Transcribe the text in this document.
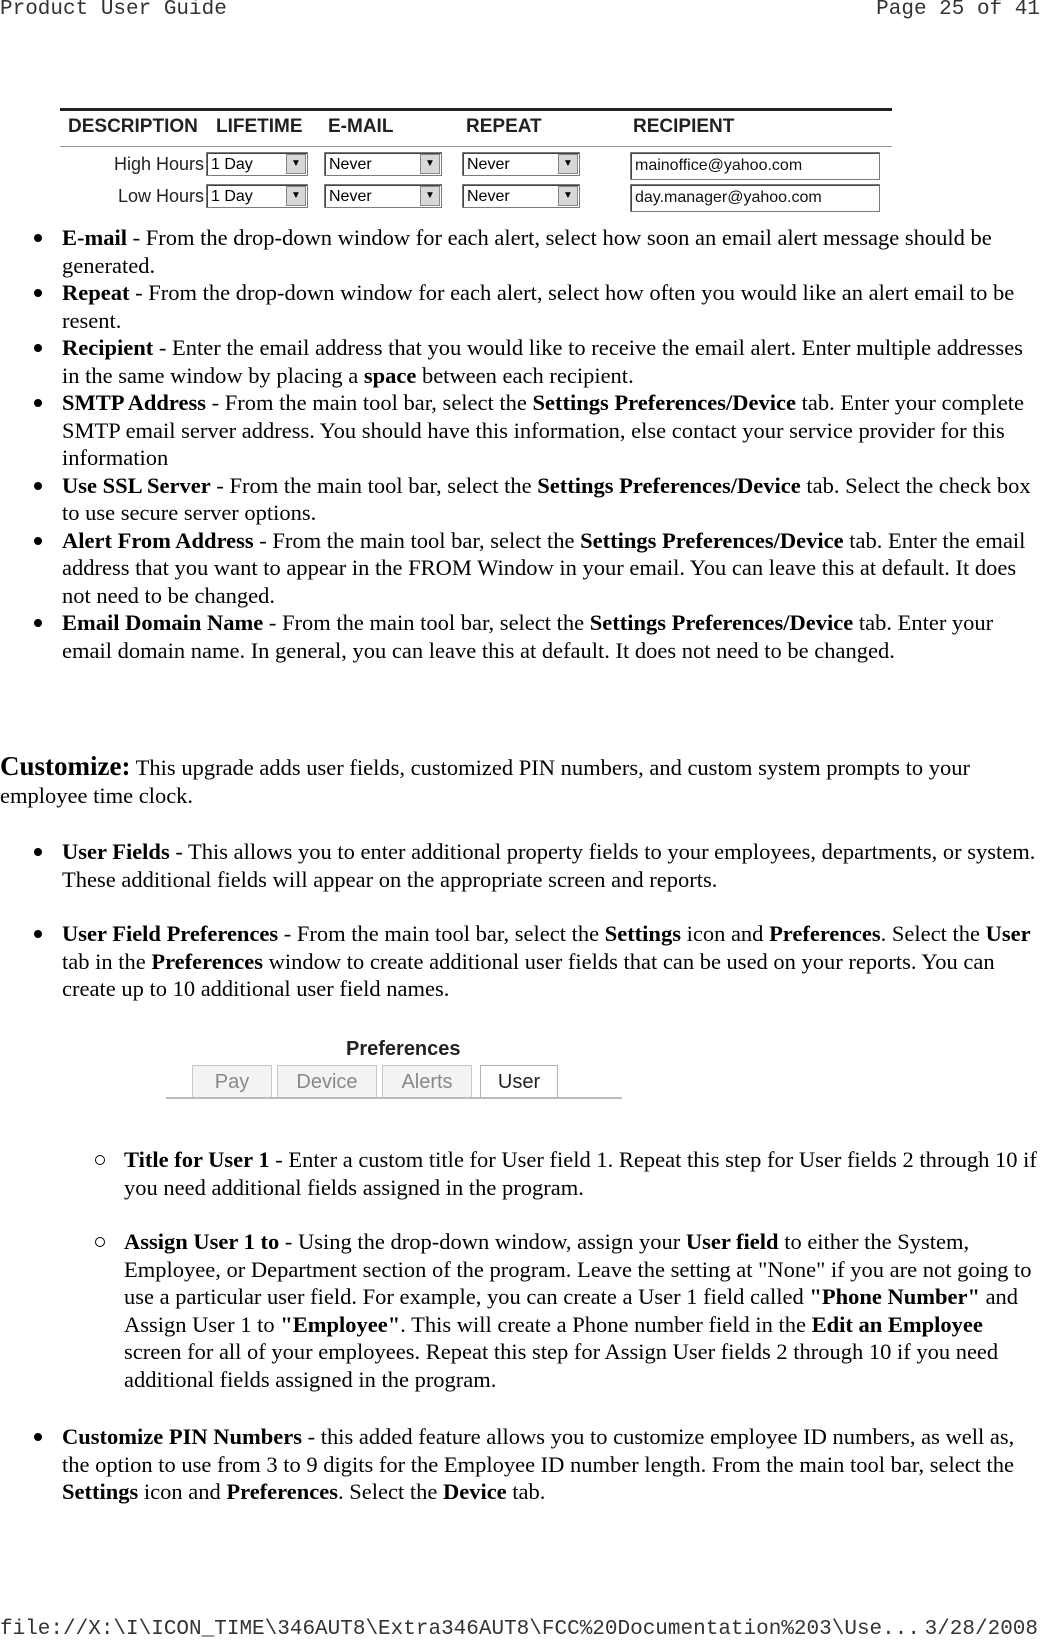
Product User Guide	Page 25 of 41
file://X:\I\ICON_TIME\346AUT8\Extra346AUT8\FCC%20Documentation%203\Use... 3/28/2008
DESCRIPTION LIFETIME E-MAIL	REPEAT	RECIPIENT
High Hours 1 Day	▼	Never	▼	Never	▼	mainoffice@yahoo.com
Low Hours 1 Day	▼	Never	▼	Never	▼	day.manager@yahoo.com
E-mail - From the drop-down window for each alert, select how soon an email alert message should be generated.
Repeat - From the drop-down window for each alert, select how often you would like an alert email to be resent.
Recipient - Enter the email address that you would like to receive the email alert. Enter multiple addresses in the same window by placing a space between each recipient.
SMTP Address - From the main tool bar, select the Settings Preferences/Device tab. Enter your complete SMTP email server address. You should have this information, else contact your service provider for this information
Use SSL Server - From the main tool bar, select the Settings Preferences/Device tab. Select the check box to use secure server options.
Alert From Address - From the main tool bar, select the Settings Preferences/Device tab. Enter the email address that you want to appear in the FROM Window in your email. You can leave this at default. It does not need to be changed.
Email Domain Name - From the main tool bar, select the Settings Preferences/Device tab. Enter your email domain name. In general, you can leave this at default. It does not need to be changed.

Customize: This upgrade adds user fields, customized PIN numbers, and custom system prompts to your employee time clock.

User Fields - This allows you to enter additional property fields to your employees, departments, or system. These additional fields will appear on the appropriate screen and reports.
User Field Preferences - From the main tool bar, select the Settings icon and Preferences. Select the User tab in the Preferences window to create additional user fields that can be used on your reports. You can create up to 10 additional user field names.
Preferences
Pay	Device	Alerts	User
Title for User 1 - Enter a custom title for User field 1. Repeat this step for User fields 2 through 10 if you need additional fields assigned in the program.
Assign User 1 to - Using the drop-down window, assign your User field to either the System, Employee, or Department section of the program. Leave the setting at "None" if you are not going to use a particular user field. For example, you can create a User 1 field called "Phone Number" and Assign User 1 to "Employee". This will create a Phone number field in the Edit an Employee screen for all of your employees. Repeat this step for Assign User fields 2 through 10 if you need additional fields assigned in the program.
Customize PIN Numbers - this added feature allows you to customize employee ID numbers, as well as, the option to use from 3 to 9 digits for the Employee ID number length. From the main tool bar, select the Settings icon and Preferences. Select the Device tab.
